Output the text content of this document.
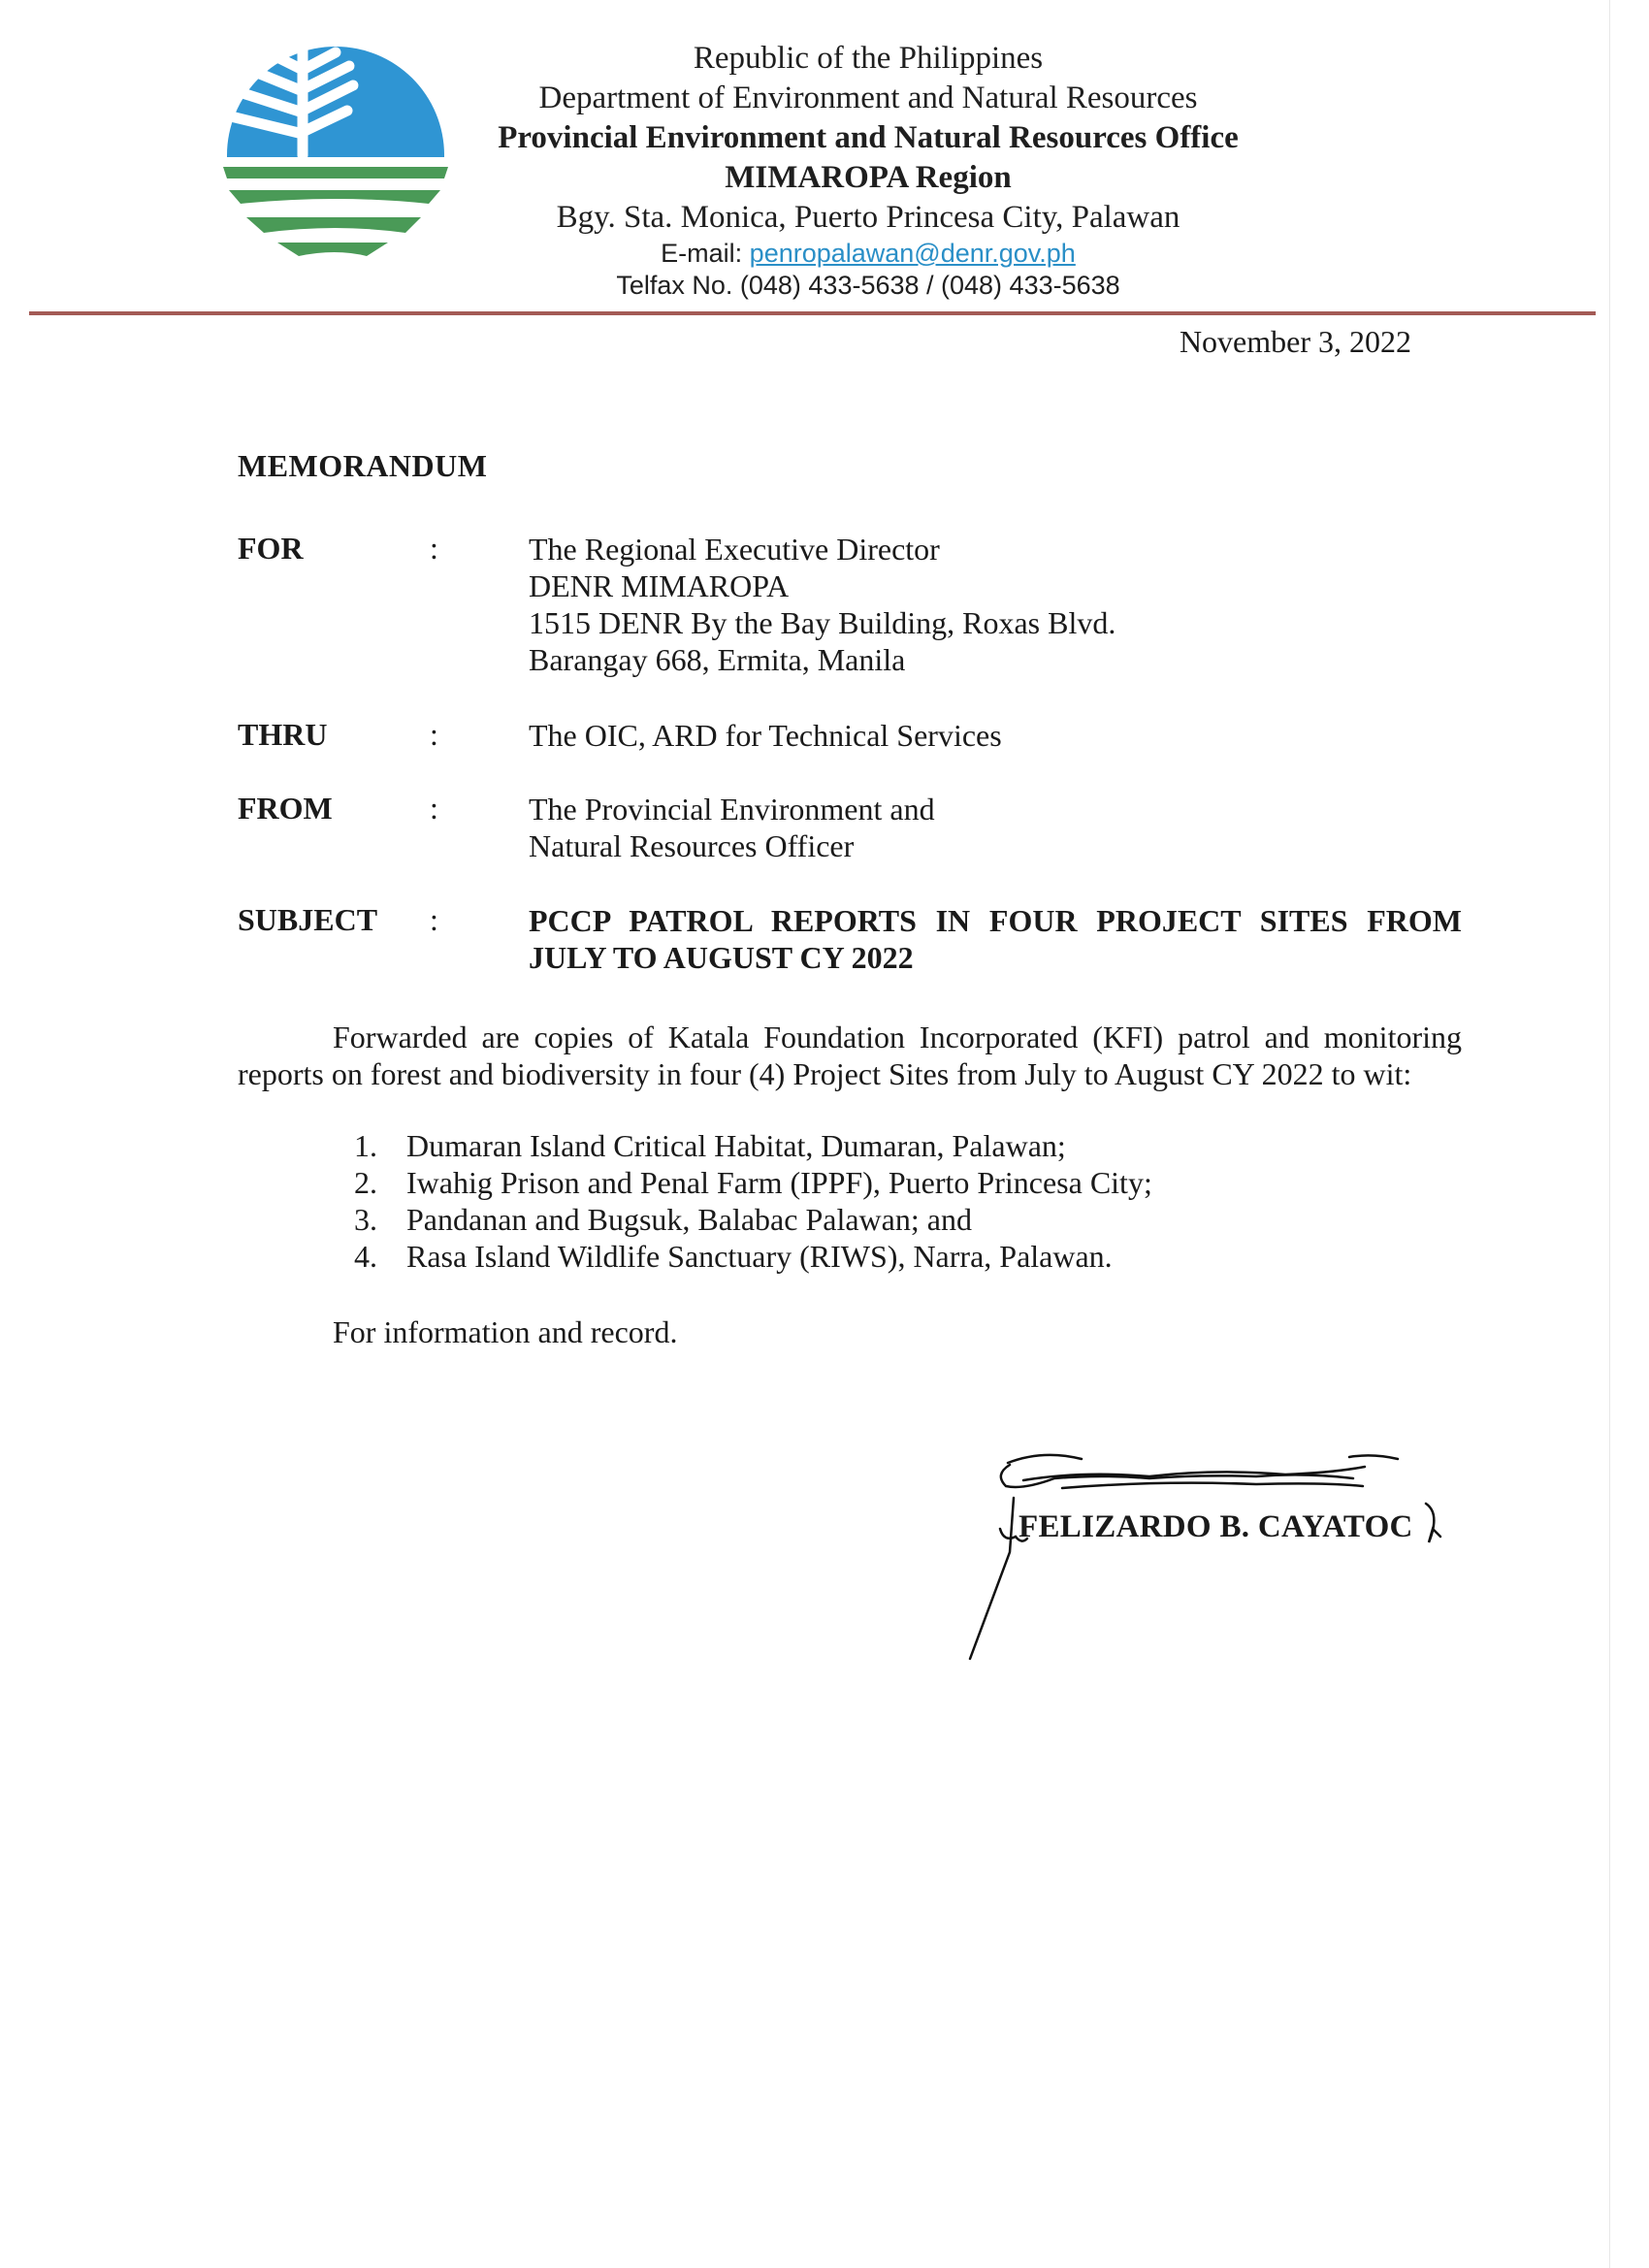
Republic of the Philippines
Department of Environment and Natural Resources
Provincial Environment and Natural Resources Office
MIMAROPA Region
Bgy. Sta. Monica, Puerto Princesa City, Palawan
E-mail: penropalawan@denr.gov.ph
Telfax No. (048) 433-5638 / (048) 433-5638
November 3, 2022
MEMORANDUM
FOR	:	The Regional Executive Director
DENR MIMAROPA
1515 DENR By the Bay Building, Roxas Blvd.
Barangay 668, Ermita, Manila
THRU	:	The OIC, ARD for Technical Services
FROM	:	The Provincial Environment and
Natural Resources Officer
SUBJECT :	PCCP PATROL REPORTS IN FOUR PROJECT SITES FROM JULY TO AUGUST CY 2022
Forwarded are copies of Katala Foundation Incorporated (KFI) patrol and monitoring reports on forest and biodiversity in four (4) Project Sites from July to August CY 2022 to wit:
1. Dumaran Island Critical Habitat, Dumaran, Palawan;
2. Iwahig Prison and Penal Farm (IPPF), Puerto Princesa City;
3. Pandanan and Bugsuk, Balabac Palawan; and
4. Rasa Island Wildlife Sanctuary (RIWS), Narra, Palawan.
For information and record.
FELIZARDO B. CAYATOC
